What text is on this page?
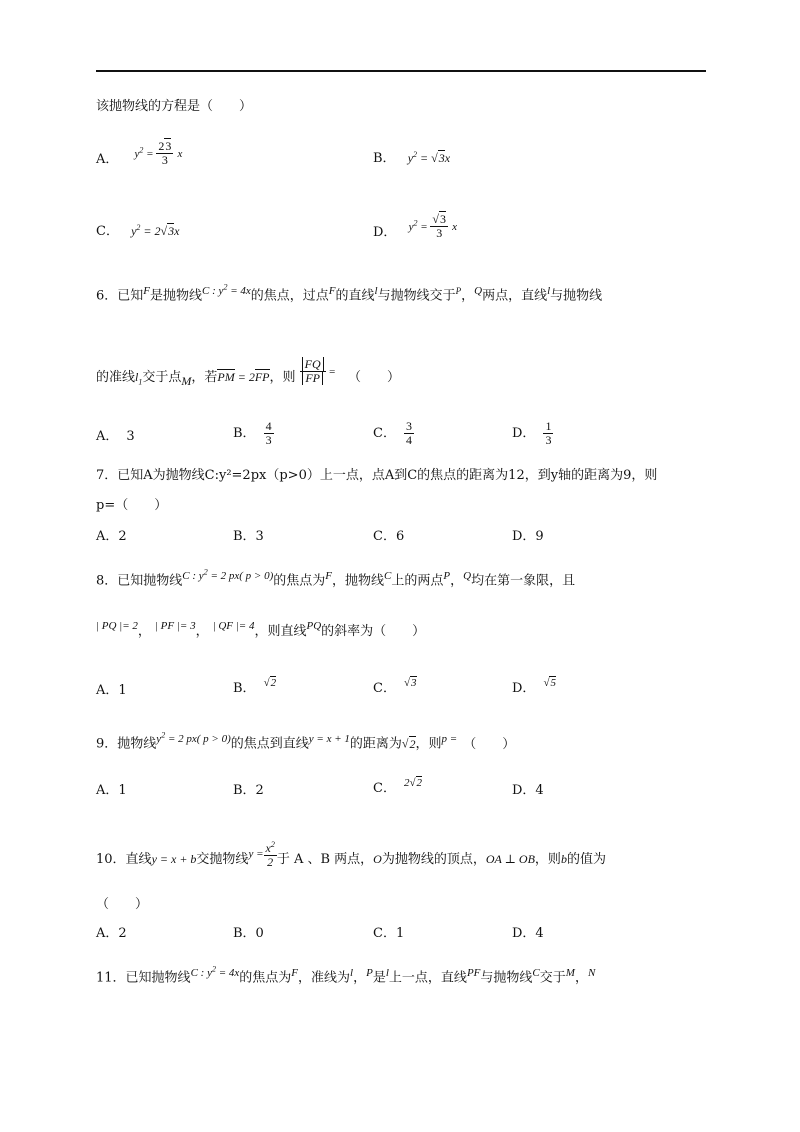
该抛物线的方程是（　　）
A． $^{y^2 =} \frac{23}{3} ^x$	B． $y^2 = √3x$
C． $y^2 = 2√3x$	D． $^{y^2 =} \frac{√3}{3} ^x$
6．已知$^F$是抛物线$^{C : y^2 = 4x}$的焦点，过点$^F$的直线$^l$与抛物线交于$^P$，$^Q$两点，直线$^l$与抛物线
的准线$l_1$交于点M，若PM = 2FP，则 $\frac{FQ}{FP} ^=$ （　　）
A． 3	B． $\frac{4}{3}$	C． $\frac{3}{4}$	D． $\frac{1}{3}$
7．已知A为抛物线C:y²=2px（p>0）上一点，点A到C的焦点的距离为12，到y轴的距离为9，则
p=（　　）
A．2	B．3	C．6	D．9
8．已知抛物线$^{C : y^2 = 2 px( p > 0)}$的焦点为$^F$，抛物线$^C$上的两点$^P$，$^Q$均在第一象限，且
$^{| PQ |= 2}$， $^{| PF |= 3}$， $^{| QF |= 4}$，则直线$^{PQ}$的斜率为（　　）
A．1	B． $^{√2}$	C． $^{√3}$	D． $^{√5}$
9．抛物线$^{y^2 = 2 px( p > 0)}$的焦点到直线$^{y = x + 1}$的距离为√2，则$^{p =}$ （　　）
A．1	B．2	C． $^{2√2}$	D．4
10．直线y = x + b交抛物线$^{y =} \frac{x^2}{2}$ 于 A 、B 两点，O为抛物线的顶点，OA ⊥ OB，则b的值为
（　　）
A．2	B．0	C．1	D．4
11．已知抛物线$^{C : y^2 = 4x}$的焦点为$^F$，准线为$^l$，$^P$是$^l$上一点，直线$^{PF}$与抛物线$^C$交于$^M$，$^N$
